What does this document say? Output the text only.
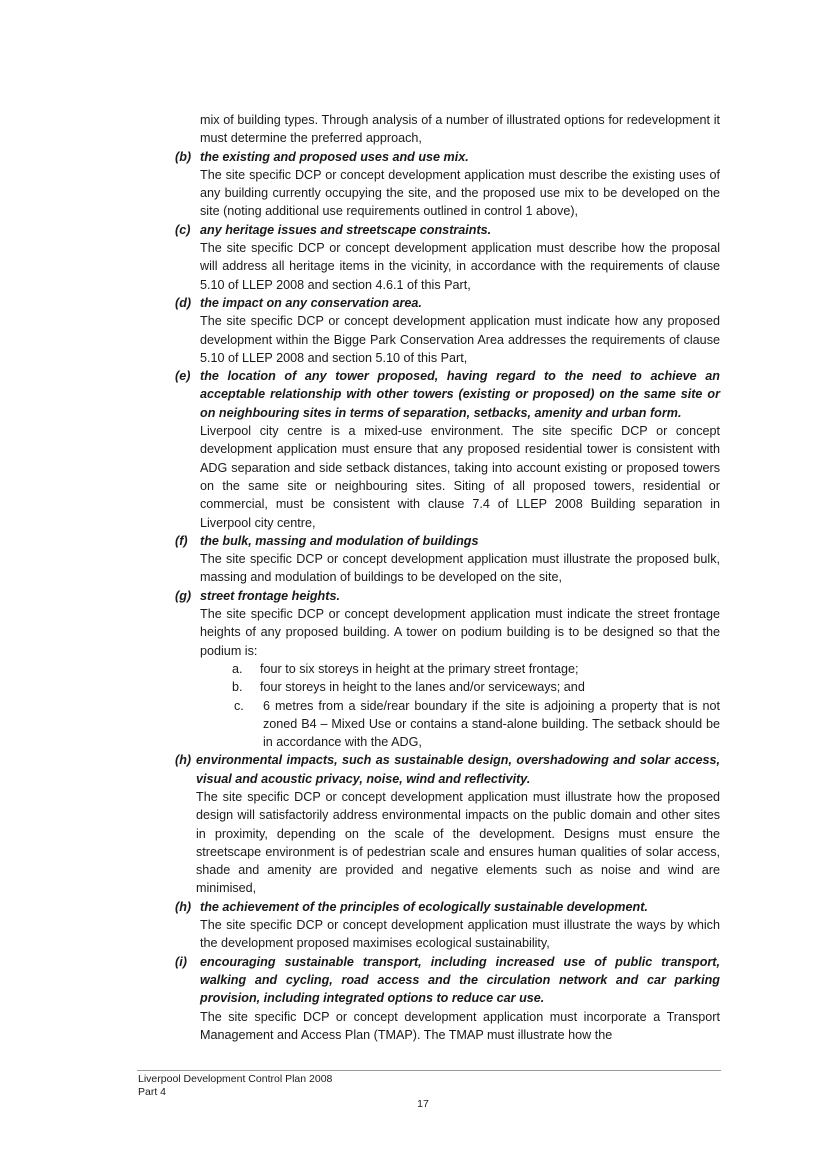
mix of building types. Through analysis of a number of illustrated options for redevelopment it must determine the preferred approach,
(b) the existing and proposed uses and use mix.
The site specific DCP or concept development application must describe the existing uses of any building currently occupying the site, and the proposed use mix to be developed on the site (noting additional use requirements outlined in control 1 above),
(c) any heritage issues and streetscape constraints.
The site specific DCP or concept development application must describe how the proposal will address all heritage items in the vicinity, in accordance with the requirements of clause 5.10 of LLEP 2008 and section 4.6.1 of this Part,
(d) the impact on any conservation area.
The site specific DCP or concept development application must indicate how any proposed development within the Bigge Park Conservation Area addresses the requirements of clause 5.10 of LLEP 2008 and section 5.10 of this Part,
(e) the location of any tower proposed, having regard to the need to achieve an acceptable relationship with other towers (existing or proposed) on the same site or on neighbouring sites in terms of separation, setbacks, amenity and urban form.
Liverpool city centre is a mixed-use environment. The site specific DCP or concept development application must ensure that any proposed residential tower is consistent with ADG separation and side setback distances, taking into account existing or proposed towers on the same site or neighbouring sites. Siting of all proposed towers, residential or commercial, must be consistent with clause 7.4 of LLEP 2008 Building separation in Liverpool city centre,
(f) the bulk, massing and modulation of buildings
The site specific DCP or concept development application must illustrate the proposed bulk, massing and modulation of buildings to be developed on the site,
(g) street frontage heights.
The site specific DCP or concept development application must indicate the street frontage heights of any proposed building. A tower on podium building is to be designed so that the podium is:
a. four to six storeys in height at the primary street frontage;
b. four storeys in height to the lanes and/or serviceways; and
c. 6 metres from a side/rear boundary if the site is adjoining a property that is not zoned B4 – Mixed Use or contains a stand-alone building. The setback should be in accordance with the ADG,
(h) environmental impacts, such as sustainable design, overshadowing and solar access, visual and acoustic privacy, noise, wind and reflectivity.
The site specific DCP or concept development application must illustrate how the proposed design will satisfactorily address environmental impacts on the public domain and other sites in proximity, depending on the scale of the development. Designs must ensure the streetscape environment is of pedestrian scale and ensures human qualities of solar access, shade and amenity are provided and negative elements such as noise and wind are minimised,
(h) the achievement of the principles of ecologically sustainable development.
The site specific DCP or concept development application must illustrate the ways by which the development proposed maximises ecological sustainability,
(i) encouraging sustainable transport, including increased use of public transport, walking and cycling, road access and the circulation network and car parking provision, including integrated options to reduce car use.
The site specific DCP or concept development application must incorporate a Transport Management and Access Plan (TMAP). The TMAP must illustrate how the
Liverpool Development Control Plan 2008
Part 4
17
